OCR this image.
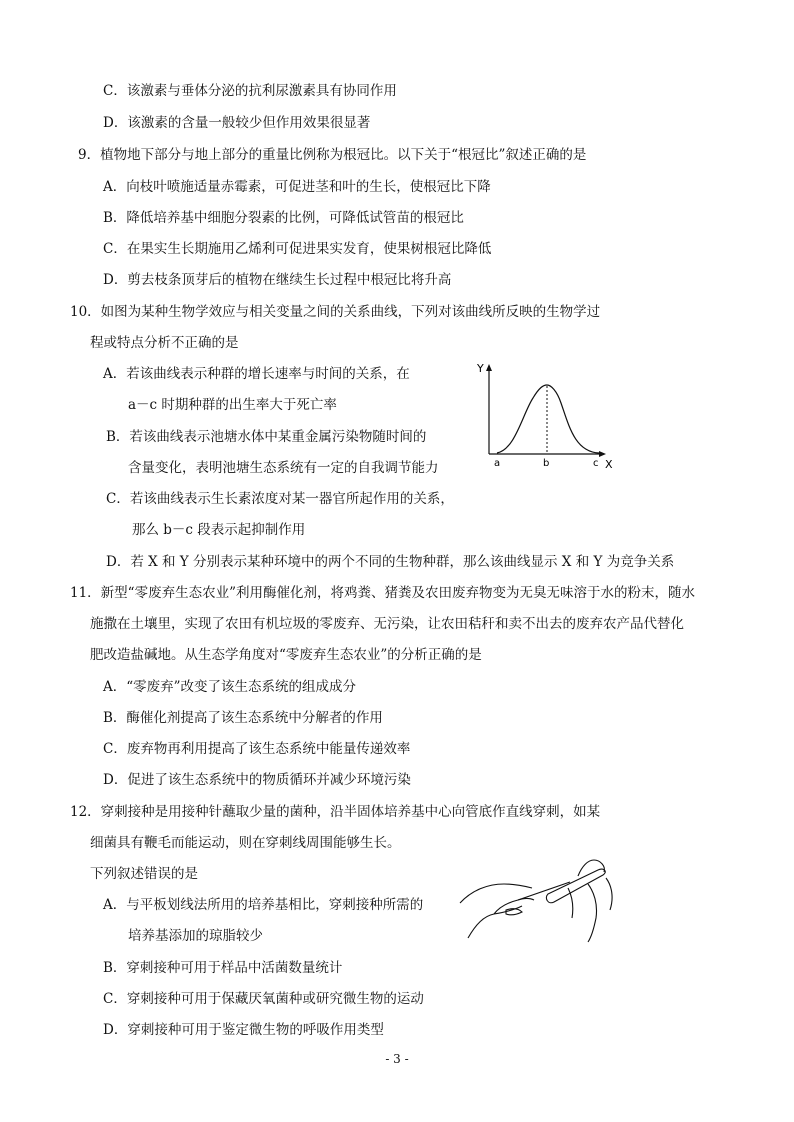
C．该激素与垂体分泌的抗利尿激素具有协同作用
D．该激素的含量一般较少但作用效果很显著
9．植物地下部分与地上部分的重量比例称为根冠比。以下关于“根冠比”叙述正确的是
A．向枝叶喷施适量赤霉素，可促进茎和叶的生长，使根冠比下降
B．降低培养基中细胞分裂素的比例，可降低试管苗的根冠比
C．在果实生长期施用乙烯利可促进果实发育，使果树根冠比降低
D．剪去枝条顶芽后的植物在继续生长过程中根冠比将升高
10．如图为某种生物学效应与相关变量之间的关系曲线，下列对该曲线所反映的生物学过
程或特点分析不正确的是
A．若该曲线表示种群的增长速率与时间的关系，在
a－c 时期种群的出生率大于死亡率
B．若该曲线表示池塘水体中某重金属污染物随时间的
含量变化，表明池塘生态系统有一定的自我调节能力
C．若该曲线表示生长素浓度对某一器官所起作用的关系，
那么 b－c 段表示起抑制作用
D．若 X 和 Y 分别表示某种环境中的两个不同的生物种群，那么该曲线显示 X 和 Y 为竞争关系
11．新型“零废弃生态农业”利用酶催化剂，将鸡粪、猪粪及农田废弃物变为无臭无味溶于水的粉末，随水
施撒在土壤里，实现了农田有机垃圾的零废弃、无污染，让农田秸秆和卖不出去的废弃农产品代替化
肥改造盐碱地。从生态学角度对“零废弃生态农业”的分析正确的是
A．“零废弃”改变了该生态系统的组成成分
B．酶催化剂提高了该生态系统中分解者的作用
C．废弃物再利用提高了该生态系统中能量传递效率
D．促进了该生态系统中的物质循环并减少环境污染
12．穿刺接种是用接种针蘸取少量的菌种，沿半固体培养基中心向管底作直线穿刺，如某
细菌具有鞭毛而能运动，则在穿刺线周围能够生长。
下列叙述错误的是
A．与平板划线法所用的培养基相比，穿刺接种所需的
培养基添加的琼脂较少
B．穿刺接种可用于样品中活菌数量统计
C．穿刺接种可用于保藏厌氧菌种或研究微生物的运动
D．穿刺接种可用于鉴定微生物的呼吸作用类型
Y
X
a	b	c
- 3 -
